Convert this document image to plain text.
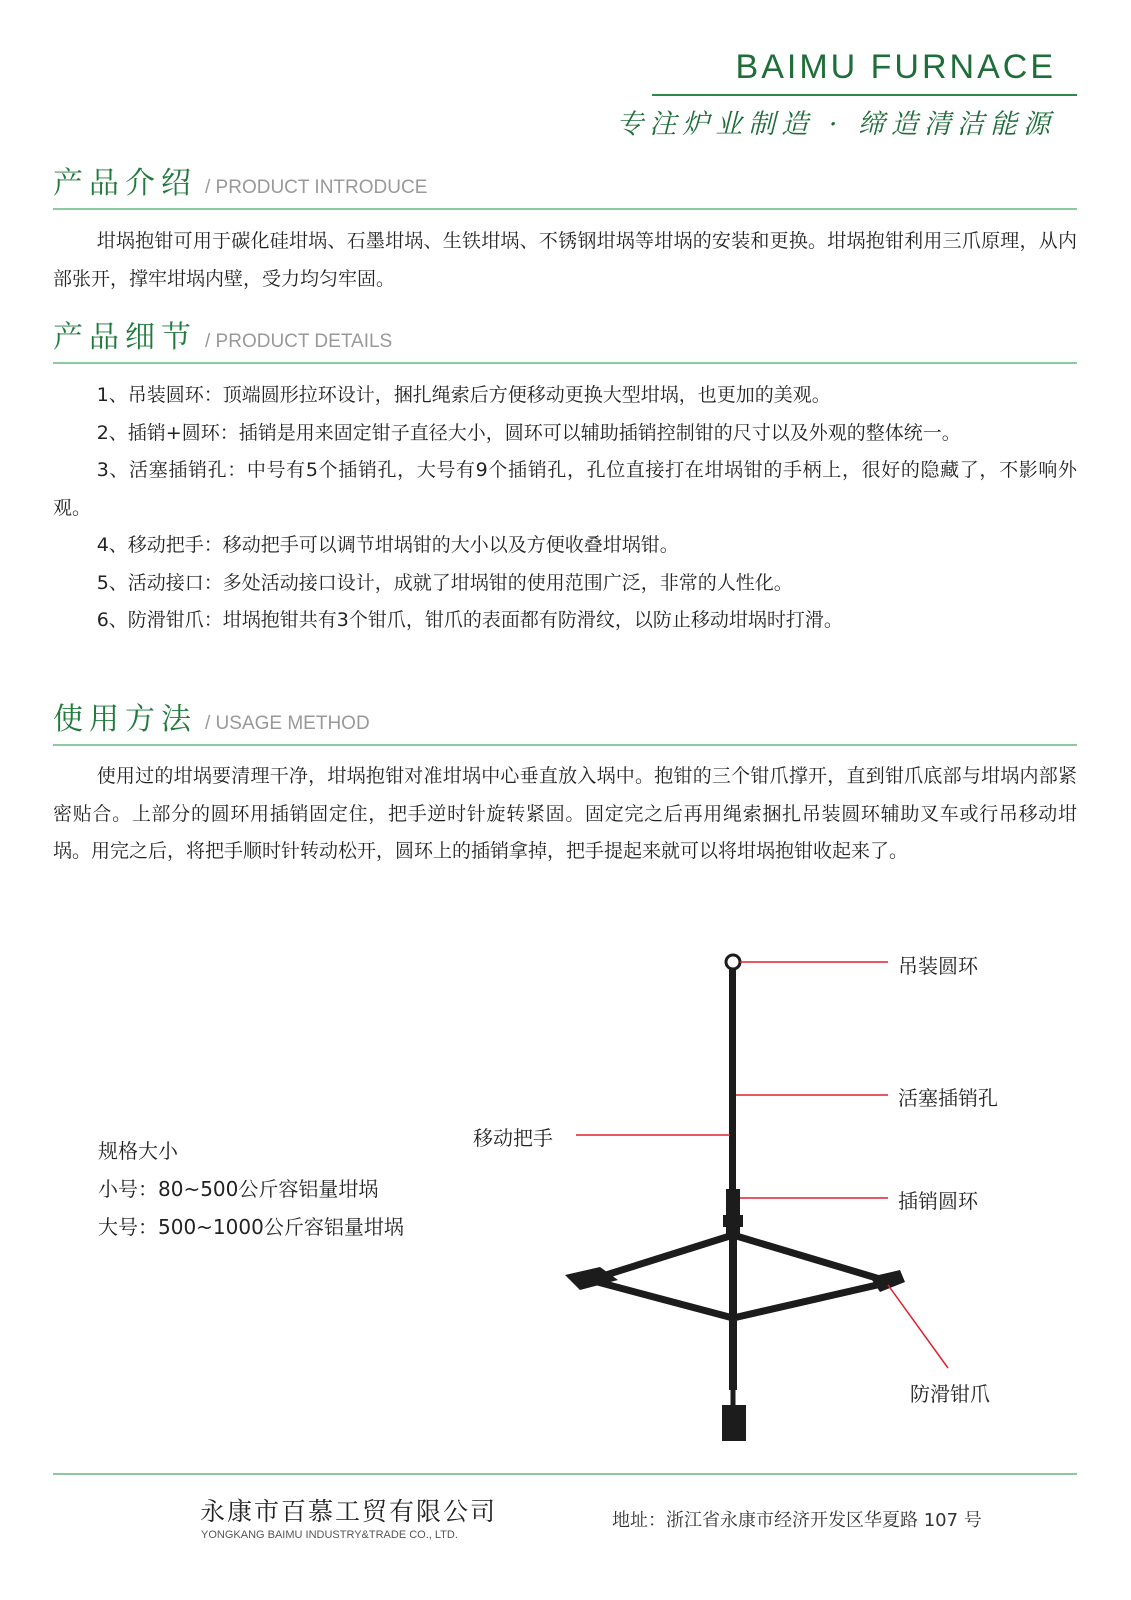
BAIMU FURNACE
专注炉业制造 · 缔造清洁能源
产品介绍 / PRODUCT INTRODUCE
坩埚抱钳可用于碳化硅坩埚、石墨坩埚、生铁坩埚、不锈钢坩埚等坩埚的安装和更换。坩埚抱钳利用三爪原理，从内部张开，撑牢坩埚内壁，受力均匀牢固。
产品细节 / PRODUCT DETAILS
1、吊装圆环：顶端圆形拉环设计，捆扎绳索后方便移动更换大型坩埚，也更加的美观。
2、插销+圆环：插销是用来固定钳子直径大小，圆环可以辅助插销控制钳的尺寸以及外观的整体统一。
3、活塞插销孔：中号有5个插销孔，大号有9个插销孔，孔位直接打在坩埚钳的手柄上，很好的隐藏了，不影响外观。
4、移动把手：移动把手可以调节坩埚钳的大小以及方便收叠坩埚钳。
5、活动接口：多处活动接口设计，成就了坩埚钳的使用范围广泛，非常的人性化。
6、防滑钳爪：坩埚抱钳共有3个钳爪，钳爪的表面都有防滑纹，以防止移动坩埚时打滑。
使用方法 / USAGE METHOD
使用过的坩埚要清理干净，坩埚抱钳对准坩埚中心垂直放入埚中。抱钳的三个钳爪撑开，直到钳爪底部与坩埚内部紧密贴合。上部分的圆环用插销固定住，把手逆时针旋转紧固。固定完之后再用绳索捆扎吊装圆环辅助叉车或行吊移动坩埚。用完之后，将把手顺时针转动松开，圆环上的插销拿掉，把手提起来就可以将坩埚抱钳收起来了。
规格大小
小号：80~500公斤容铝量坩埚
大号：500~1000公斤容铝量坩埚
吊装圆环
活塞插销孔
移动把手
插销圆环
防滑钳爪
永康市百慕工贸有限公司
YONGKANG BAIMU INDUSTRY&TRADE CO., LTD.
地址：浙江省永康市经济开发区华夏路 107 号
